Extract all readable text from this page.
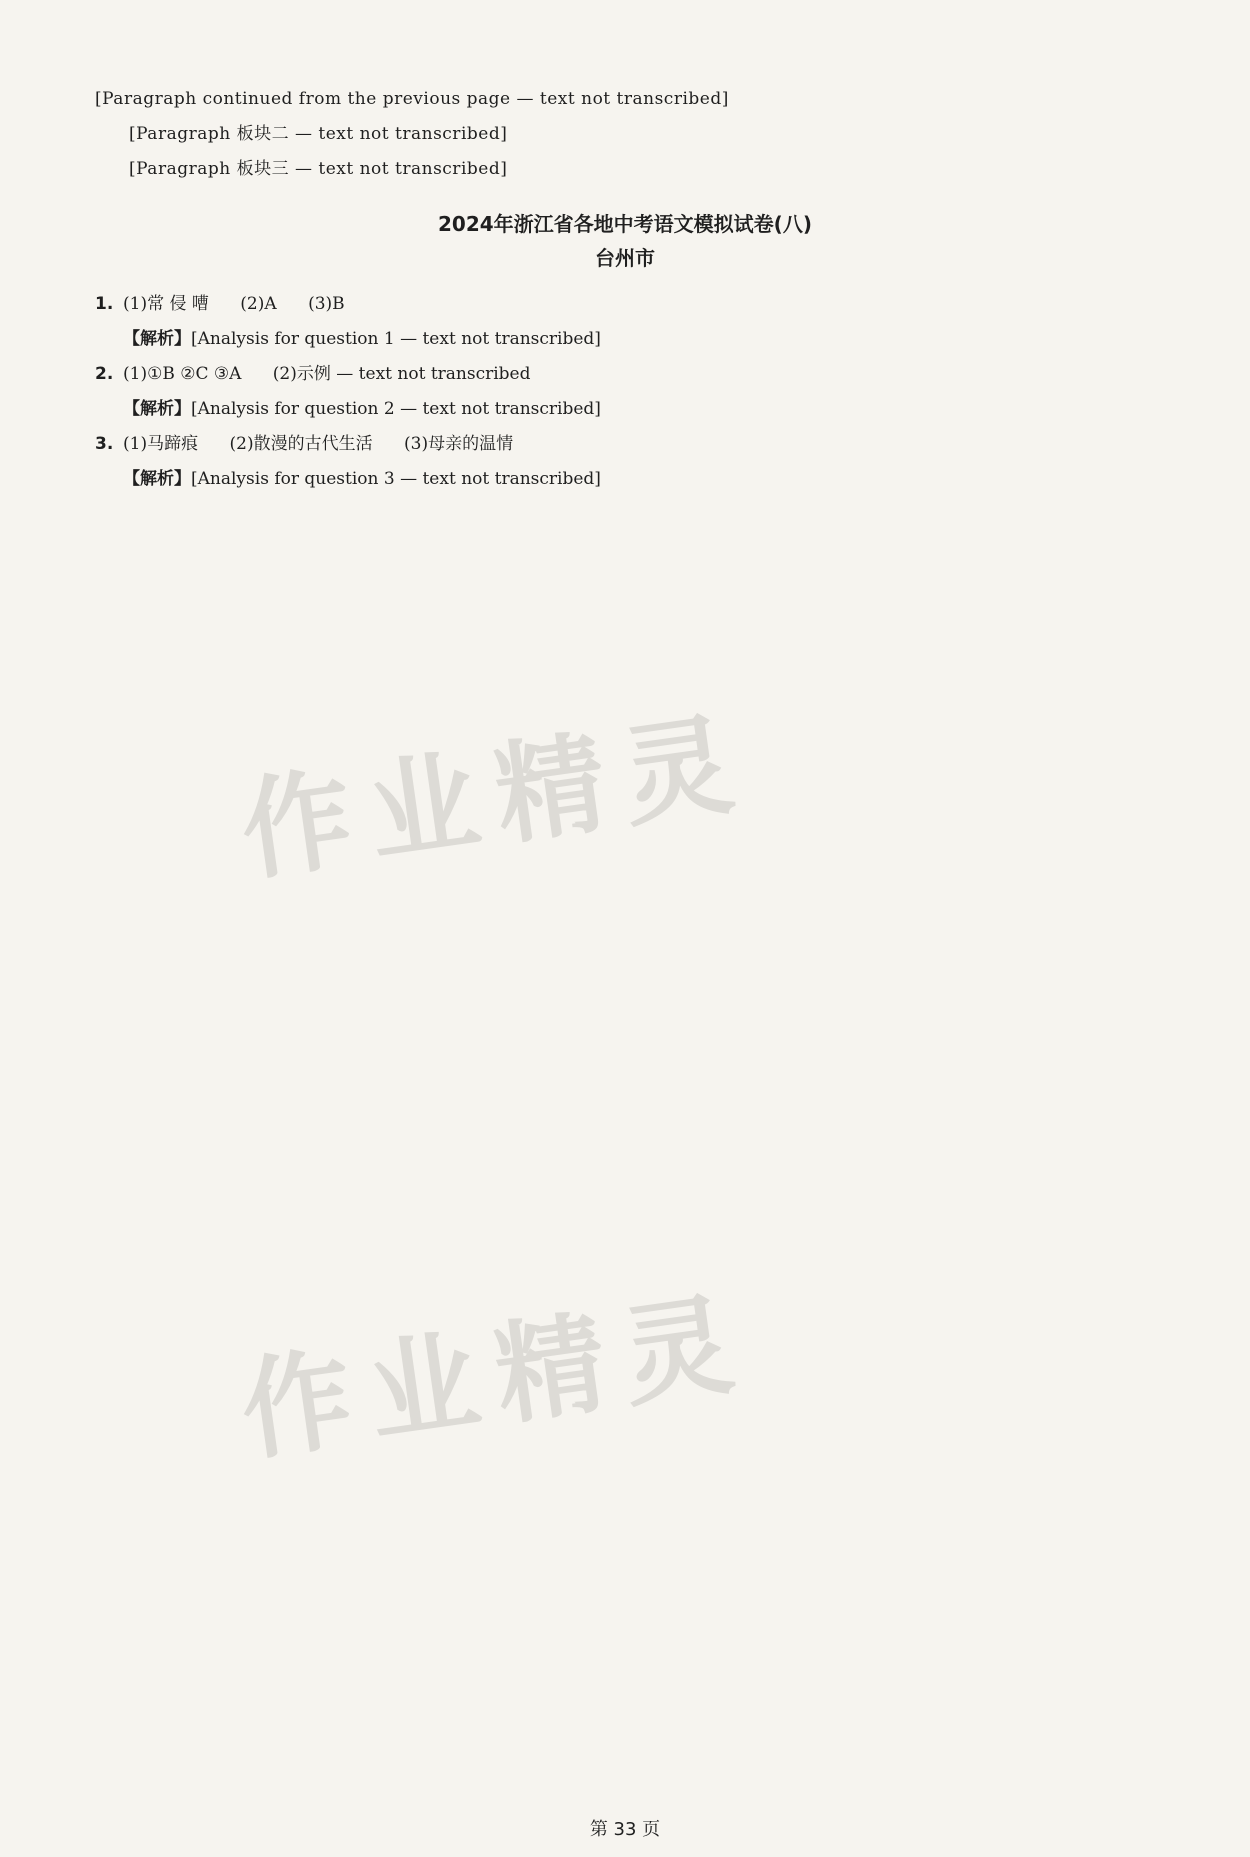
[Paragraph continued from the previous page — text not transcribed]

[Paragraph 板块二 — text not transcribed]

[Paragraph 板块三 — text not transcribed]

2024年浙江省各地中考语文模拟试卷(八)
台州市
1. (1)常 侵 嘈 (2)A (3)B

【解析】[Analysis for question 1 — text not transcribed]

2. (1)①B ②C ③A (2)示例 — text not transcribed

【解析】[Analysis for question 2 — text not transcribed]

3. (1)马蹄痕 (2)散漫的古代生活 (3)母亲的温情

【解析】[Analysis for question 3 — text not transcribed]

作业精灵
作业精灵
第 33 页
